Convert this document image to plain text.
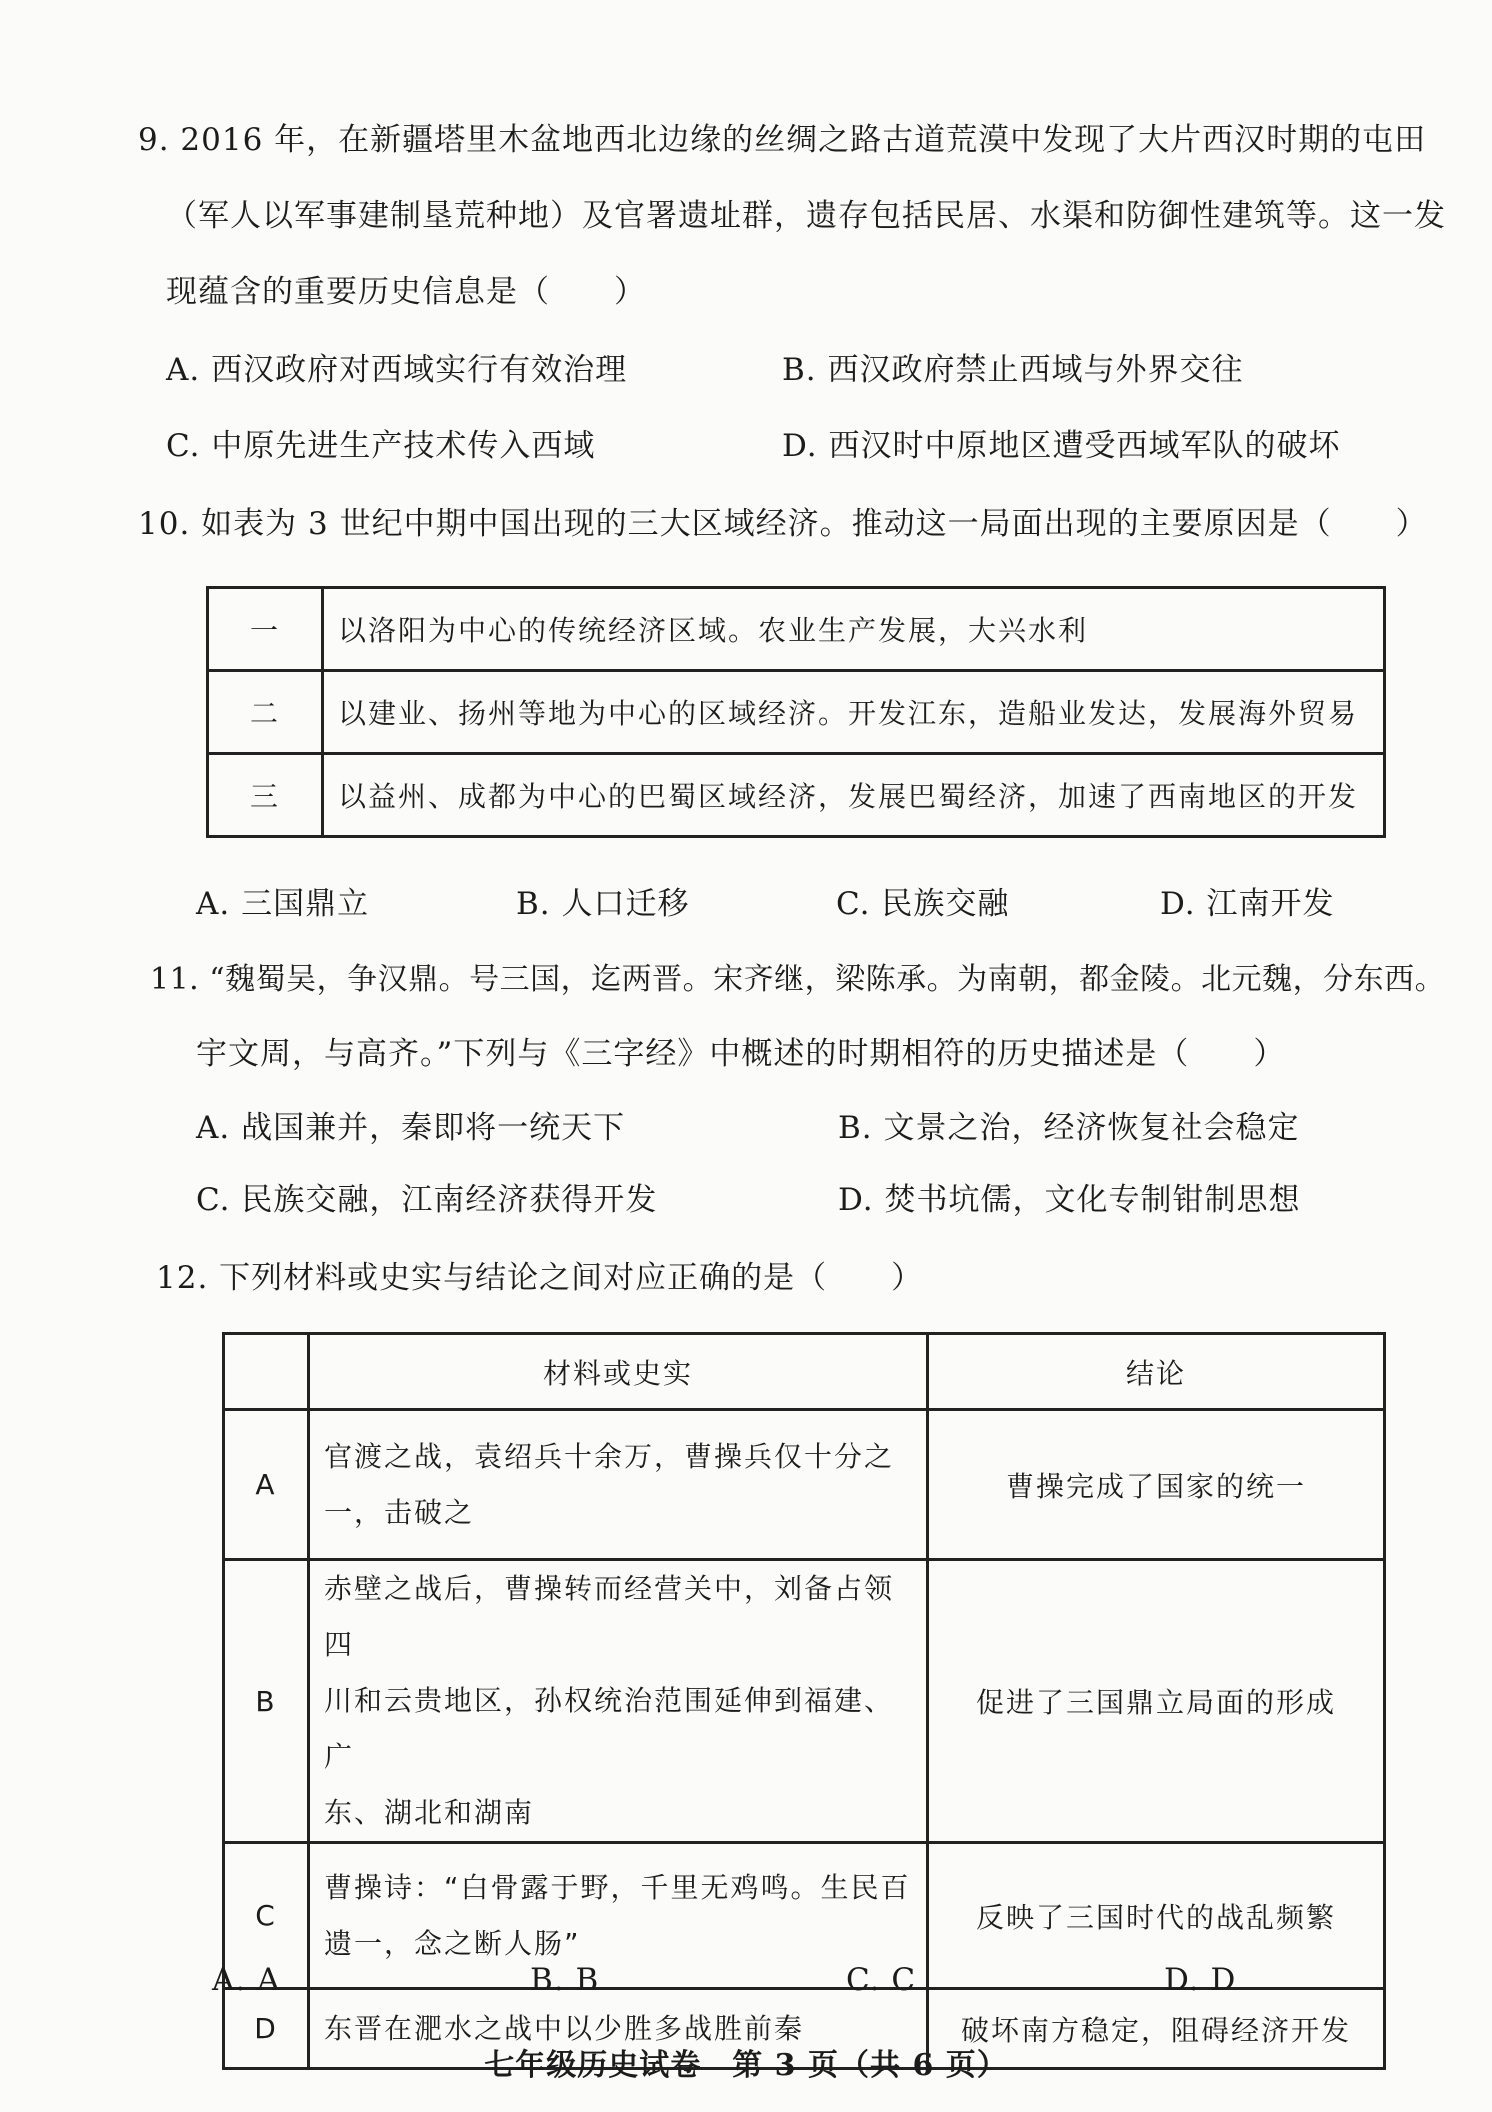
9. 2016 年，在新疆塔里木盆地西北边缘的丝绸之路古道荒漠中发现了大片西汉时期的屯田
（军人以军事建制垦荒种地）及官署遗址群，遗存包括民居、水渠和防御性建筑等。这一发
现蕴含的重要历史信息是（　　）
A. 西汉政府对西域实行有效治理	B. 西汉政府禁止西域与外界交往
C. 中原先进生产技术传入西域	D. 西汉时中原地区遭受西域军队的破坏
10. 如表为 3 世纪中期中国出现的三大区域经济。推动这一局面出现的主要原因是（　　）
一	以洛阳为中心的传统经济区域。农业生产发展，大兴水利
二	以建业、扬州等地为中心的区域经济。开发江东，造船业发达，发展海外贸易
三	以益州、成都为中心的巴蜀区域经济，发展巴蜀经济，加速了西南地区的开发
A. 三国鼎立	B. 人口迁移	C. 民族交融	D. 江南开发
11. “魏蜀吴，争汉鼎。号三国，迄两晋。宋齐继，梁陈承。为南朝，都金陵。北元魏，分东西。
宇文周，与高齐。”下列与《三字经》中概述的时期相符的历史描述是（　　）
A. 战国兼并，秦即将一统天下	B. 文景之治，经济恢复社会稳定
C. 民族交融，江南经济获得开发	D. 焚书坑儒，文化专制钳制思想
12. 下列材料或史实与结论之间对应正确的是（　　）
	材料或史实	结论
A	官渡之战，袁绍兵十余万，曹操兵仅十分之
一，击破之	曹操完成了国家的统一
B	赤壁之战后，曹操转而经营关中，刘备占领四
川和云贵地区，孙权统治范围延伸到福建、广
东、湖北和湖南	促进了三国鼎立局面的形成
C	曹操诗：“白骨露于野，千里无鸡鸣。生民百
遗一，念之断人肠”	反映了三国时代的战乱频繁
D	东晋在淝水之战中以少胜多战胜前秦	破坏南方稳定，阻碍经济开发
A. A	B. B	C. C	D. D
七年级历史试卷　第 3 页（共 6 页）
